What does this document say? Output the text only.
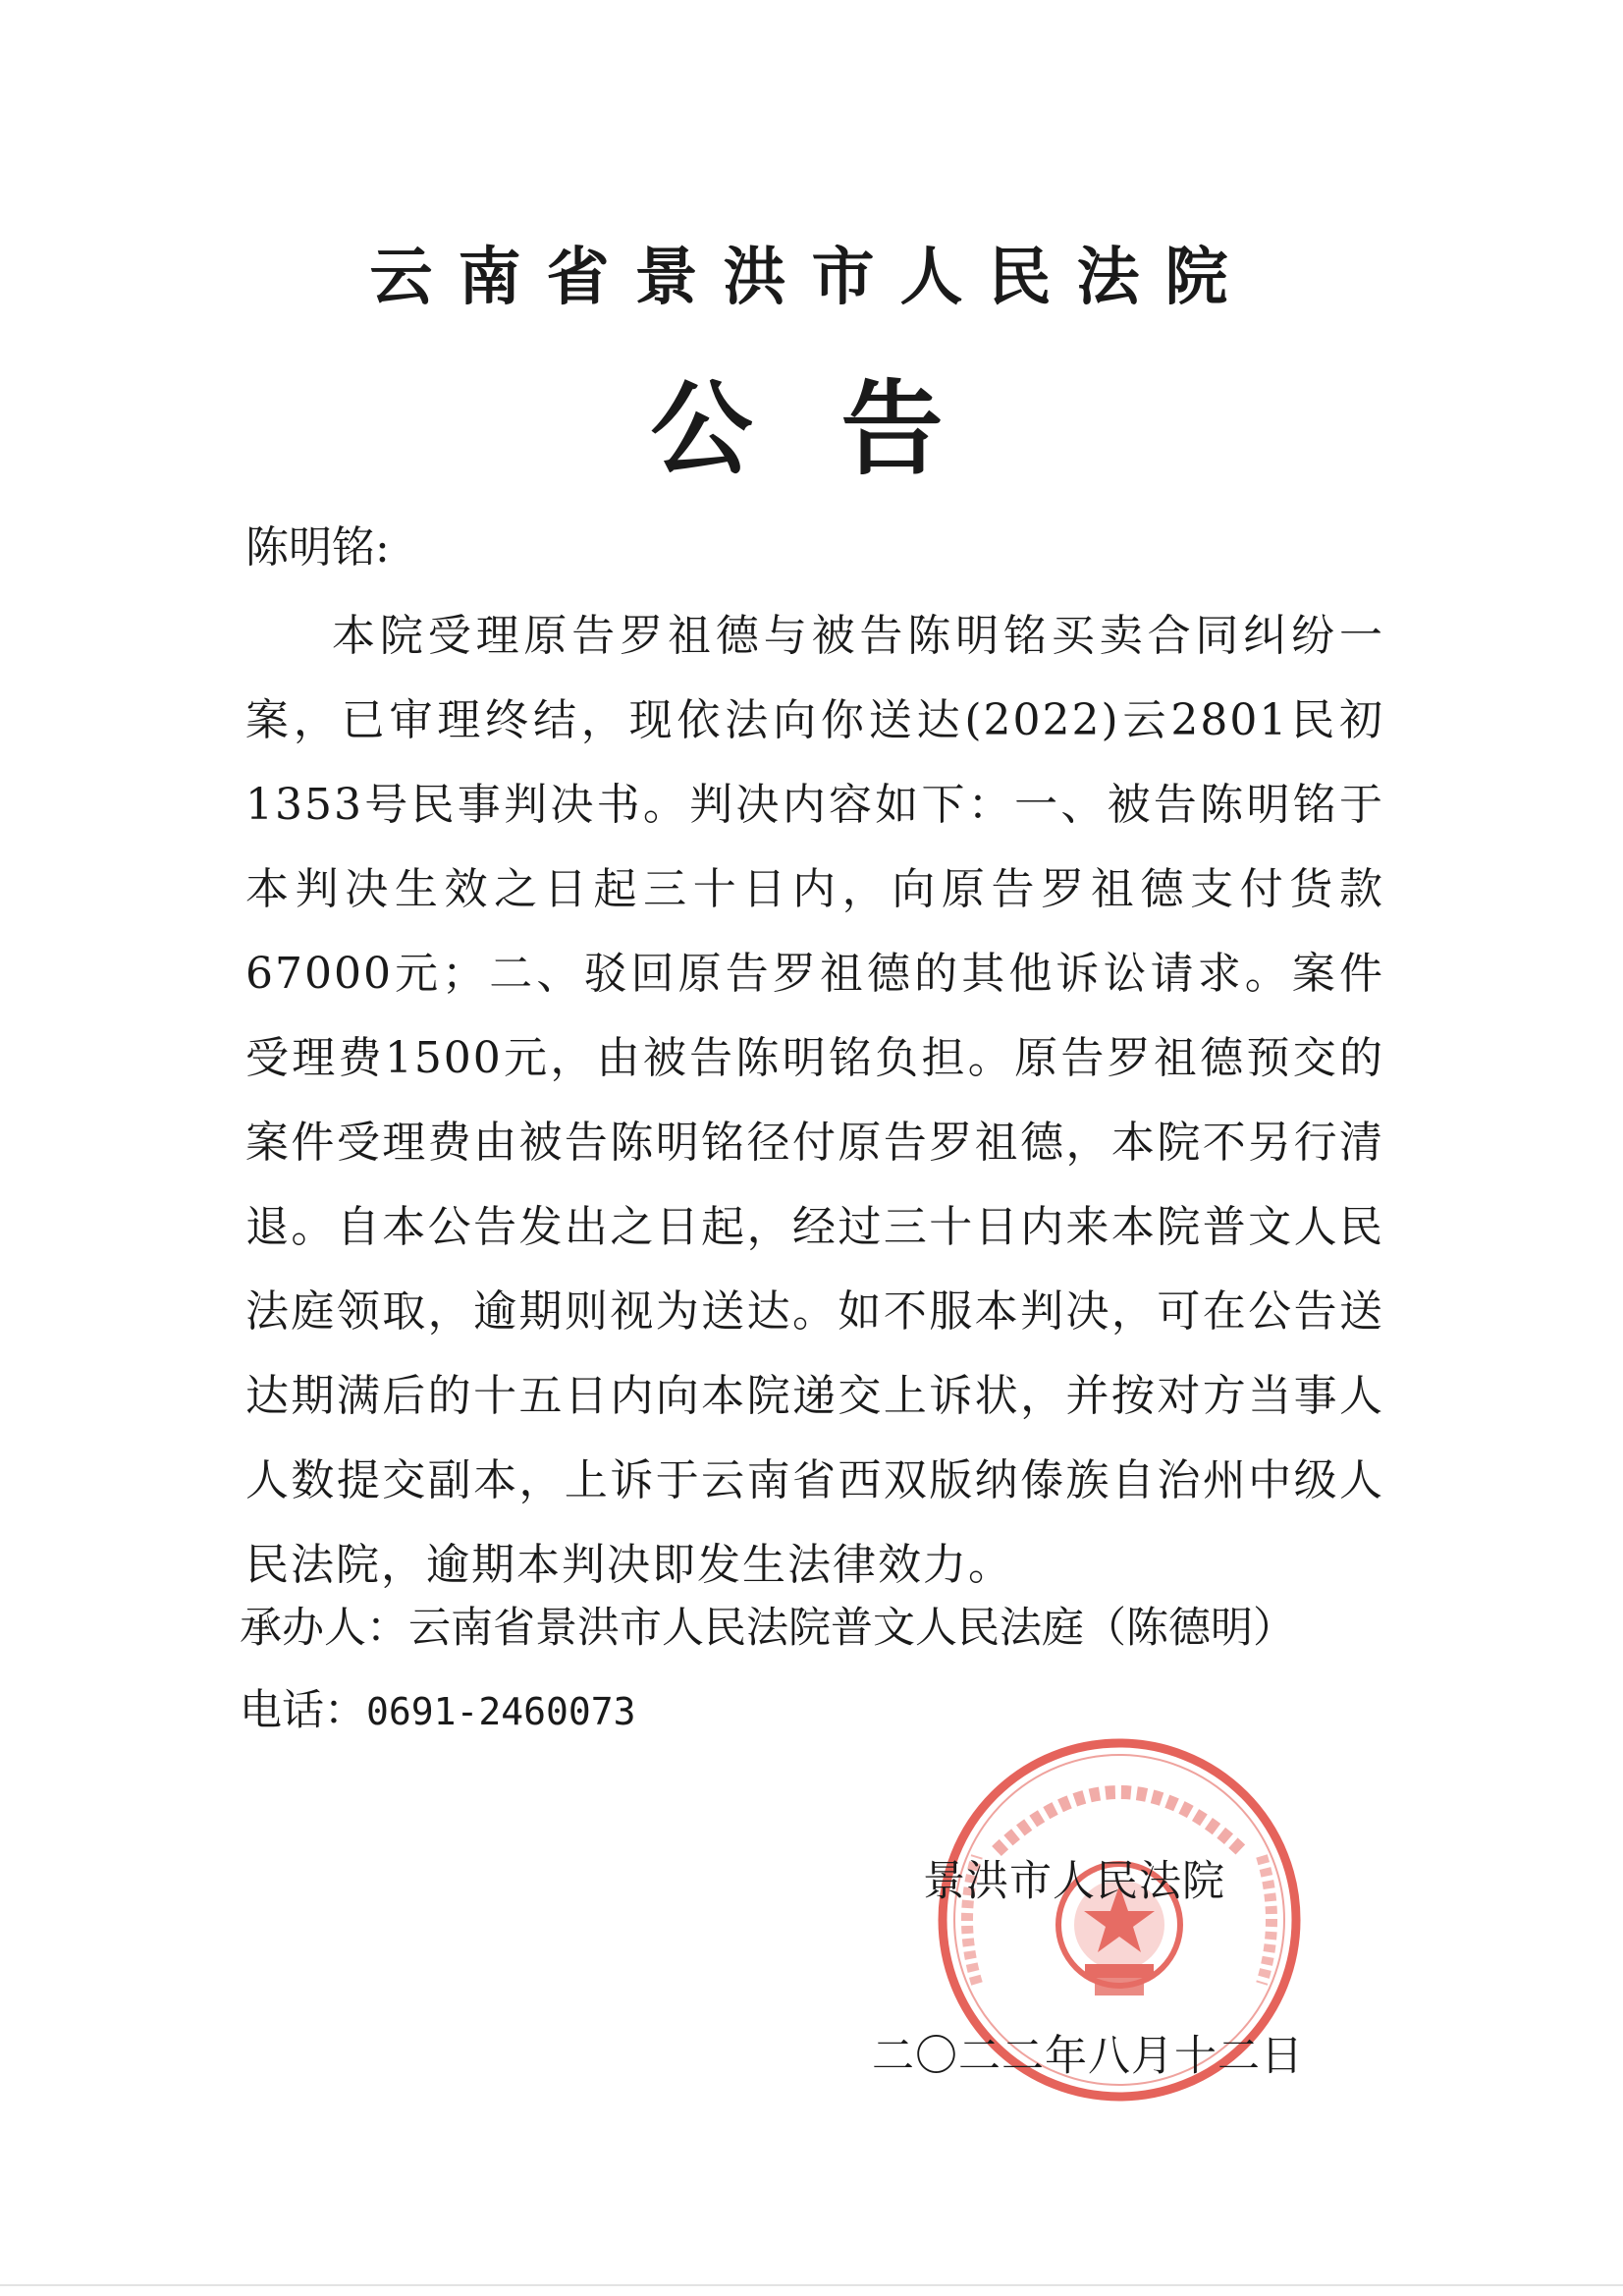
云南省景洪市人民法院
公告
陈明铭:
本院受理原告罗祖德与被告陈明铭买卖合同纠纷一案，已审理终结，现依法向你送达(2022)云2801民初1353号民事判决书。判决内容如下：一、被告陈明铭于本判决生效之日起三十日内，向原告罗祖德支付货款67000元；二、驳回原告罗祖德的其他诉讼请求。案件受理费1500元，由被告陈明铭负担。原告罗祖德预交的案件受理费由被告陈明铭径付原告罗祖德，本院不另行清退。自本公告发出之日起，经过三十日内来本院普文人民法庭领取，逾期则视为送达。如不服本判决，可在公告送达期满后的十五日内向本院递交上诉状，并按对方当事人人数提交副本，上诉于云南省西双版纳傣族自治州中级人民法院，逾期本判决即发生法律效力。
承办人：云南省景洪市人民法院普文人民法庭（陈德明）
电话：0691-2460073
景洪市人民法院
二〇二二年八月十二日
